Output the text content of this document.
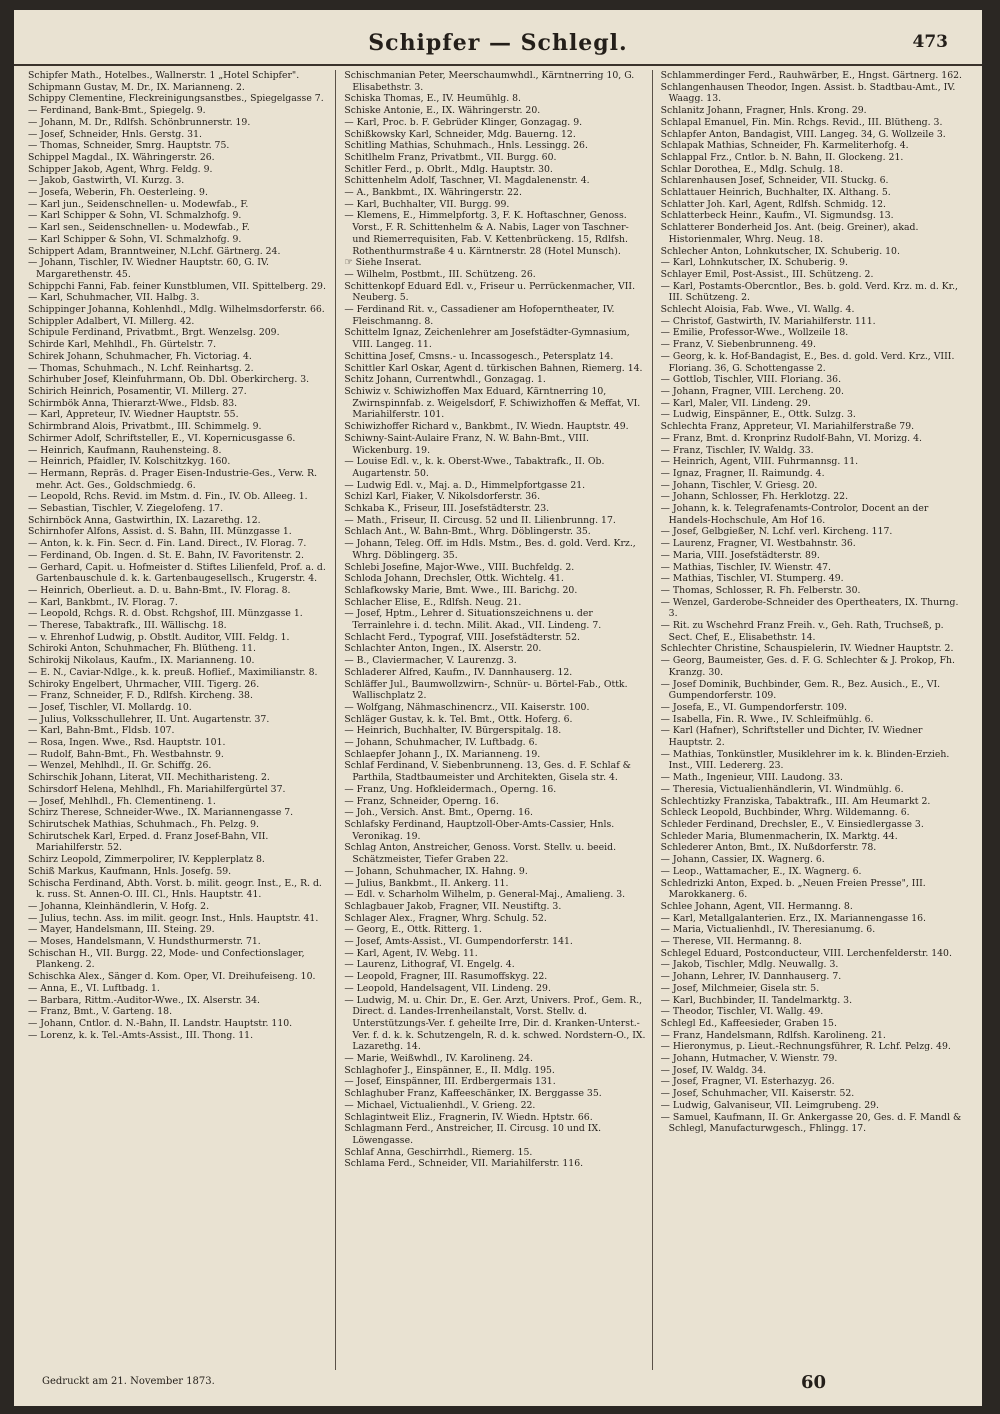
Schipfer — Schlegl.	473

Schipfer Math., Hotelbes., Wallnerstr. 1 „Hotel Schipfer".

Schipmann Gustav, M. Dr., IX. Marianneng. 2.

Schippy Clementine, Fleckreinigungsanstbes., Spiegelgasse 7.

— Ferdinand, Bank-Bmt., Spiegelg. 9.

— Johann, M. Dr., Rdlfsh. Schönbrunnerstr. 19.

— Josef, Schneider, Hnls. Gerstg. 31.

— Thomas, Schneider, Smrg. Hauptstr. 75.

Schippel Magdal., IX. Währingerstr. 26.

Schipper Jakob, Agent, Whrg. Feldg. 9.

— Jakob, Gastwirth, VI. Kurzg. 3.

— Josefa, Weberin, Fh. Oesterleing. 9.

— Karl jun., Seidenschnellen- u. Modewfab., F.

— Karl Schipper & Sohn, VI. Schmalzhofg. 9.

— Karl sen., Seidenschnellen- u. Modewfab., F.

— Karl Schipper & Sohn, VI. Schmalzhofg. 9.

Schippert Adam, Branntweiner, N.Lchf. Gärtnerg. 24.

— Johann, Tischler, IV. Wiedner Hauptstr. 60, G. IV. Margarethenstr. 45.

Schippchi Fanni, Fab. feiner Kunstblumen, VII. Spittelberg. 29.

— Karl, Schuhmacher, VII. Halbg. 3.

Schippinger Johanna, Kohlenhdl., Mdlg. Wilhelmsdorferstr. 66.

Schippler Adalbert, VI. Millerg. 42.

Schipule Ferdinand, Privatbmt., Brgt. Wenzelsg. 209.

Schirde Karl, Mehlhdl., Fh. Gürtelstr. 7.

Schirek Johann, Schuhmacher, Fh. Victoriag. 4.

— Thomas, Schuhmach., N. Lchf. Reinhartsg. 2.

Schirhuber Josef, Kleinfuhrmann, Ob. Dbl. Oberkircherg. 3.

Schirich Heinrich, Posamentir, VI. Millerg. 27.

Schirmbök Anna, Thierarzt-Wwe., Fldsb. 83.

— Karl, Appreteur, IV. Wiedner Hauptstr. 55.

Schirmbrand Alois, Privatbmt., III. Schimmelg. 9.

Schirmer Adolf, Schriftsteller, E., VI. Kopernicusgasse 6.

— Heinrich, Kaufmann, Rauhensteing. 8.

— Heinrich, Pfaidler, IV. Kolschitzkyg. 160.

— Hermann, Repräs. d. Prager Eisen-Industrie-Ges., Verw. R. mehr. Act. Ges., Goldschmiedg. 6.

— Leopold, Rchs. Revid. im Mstm. d. Fin., IV. Ob. Alleeg. 1.

— Sebastian, Tischler, V. Ziegelofeng. 17.

Schirnböck Anna, Gastwirthin, IX. Lazarethg. 12.

Schirnhofer Alfons, Assist. d. S. Bahn, III. Münzgasse 1.

— Anton, k. k. Fin. Secr. d. Fin. Land. Direct., IV. Florag. 7.

— Ferdinand, Ob. Ingen. d. St. E. Bahn, IV. Favoritenstr. 2.

— Gerhard, Capit. u. Hofmeister d. Stiftes Lilienfeld, Prof. a. d. Gartenbauschule d. k. k. Gartenbaugesellsch., Krugerstr. 4.

— Heinrich, Oberlieut. a. D. u. Bahn-Bmt., IV. Florag. 8.

— Karl, Bankbmt., IV. Florag. 7.

— Leopold, Rchgs. R. d. Obst. Rchgshof, III. Münzgasse 1.

— Therese, Tabaktrafk., III. Wällischg. 18.

— v. Ehrenhof Ludwig, p. Obstlt. Auditor, VIII. Feldg. 1.

Schiroki Anton, Schuhmacher, Fh. Blütheng. 11.

Schirokij Nikolaus, Kaufm., IX. Marianneng. 10.

— E. N., Caviar-Ndlge., k. k. preuß. Hoflief., Maximilianstr. 8.

Schiroky Engelbert, Uhrmacher, VIII. Tigerg. 26.

— Franz, Schneider, F. D., Rdlfsh. Kircheng. 38.

— Josef, Tischler, VI. Mollardg. 10.

— Julius, Volksschullehrer, II. Unt. Augartenstr. 37.

— Karl, Bahn-Bmt., Fldsb. 107.

— Rosa, Ingen. Wwe., Rsd. Hauptstr. 101.

— Rudolf, Bahn-Bmt., Fh. Westbahnstr. 9.

— Wenzel, Mehlhdl., II. Gr. Schiffg. 26.

Schirschik Johann, Literat, VII. Mechitharisteng. 2.

Schirsdorf Helena, Mehlhdl., Fh. Mariahilfergürtel 37.

— Josef, Mehlhdl., Fh. Clementineng. 1.

Schirz Therese, Schneider-Wwe., IX. Mariannengasse 7.

Schirutschek Mathias, Schuhmach., Fh. Pelzg. 9.

Schirutschek Karl, Erped. d. Franz Josef-Bahn, VII. Mariahilferstr. 52.

Schirz Leopold, Zimmerpolirer, IV. Kepplerplatz 8.

Schiß Markus, Kaufmann, Hnls. Josefg. 59.

Schischa Ferdinand, Abth. Vorst. b. milit. geogr. Inst., E., R. d. k. russ. St. Annen-O. III. Cl., Hnls. Hauptstr. 41.

— Johanna, Kleinhändlerin, V. Hofg. 2.

— Julius, techn. Ass. im milit. geogr. Inst., Hnls. Hauptstr. 41.

— Mayer, Handelsmann, III. Steing. 29.

— Moses, Handelsmann, V. Hundsthurmerstr. 71.

Schischan H., VII. Burgg. 22, Mode- und Confectionslager, Plankeng. 2.

Schischka Alex., Sänger d. Kom. Oper, VI. Dreihufeiseng. 10.

— Anna, E., VI. Luftbadg. 1.

— Barbara, Rittm.-Auditor-Wwe., IX. Alserstr. 34.

— Franz, Bmt., V. Garteng. 18.

— Johann, Cntlor. d. N.-Bahn, II. Landstr. Hauptstr. 110.

— Lorenz, k. k. Tel.-Amts-Assist., III. Thong. 11.

Schischmanian Peter, Meerschaumwhdl., Kärntnerring 10, G. Elisabethstr. 3.

Schiska Thomas, E., IV. Heumühlg. 8.

Schiske Antonie, E., IX. Währingerstr. 20.

— Karl, Proc. b. F. Gebrüder Klinger, Gonzagag. 9.

Schißkowsky Karl, Schneider, Mdg. Bauerng. 12.

Schitling Mathias, Schuhmach., Hnls. Lessingg. 26.

Schitlhelm Franz, Privatbmt., VII. Burgg. 60.

Schitler Ferd., p. Obrlt., Mdlg. Hauptstr. 30.

Schittenhelm Adolf, Taschner, VI. Magdalenenstr. 4.

— A., Bankbmt., IX. Währingerstr. 22.

— Karl, Buchhalter, VII. Burgg. 99.

— Klemens, E., Himmelpfortg. 3, F. K. Hoftaschner, Genoss. Vorst., F. R. Schittenhelm & A. Nabis, Lager von Taschner- und Riemerrequisiten, Fab. V. Kettenbrückeng. 15, Rdlfsh. Rothenthurmstraße 4 u. Kärntnerstr. 28 (Hotel Munsch).

☞ Siehe Inserat.

— Wilhelm, Postbmt., III. Schützeng. 26.

Schittenkopf Eduard Edl. v., Friseur u. Perrückenmacher, VII. Neuberg. 5.

— Ferdinand Rit. v., Cassadiener am Hofoperntheater, IV. Fleischmanng. 8.

Schittelm Ignaz, Zeichenlehrer am Josefstädter-Gymnasium, VIII. Langeg. 11.

Schittina Josef, Cmsns.- u. Incassogesch., Petersplatz 14.

Schittler Karl Oskar, Agent d. türkischen Bahnen, Riemerg. 14.

Schitz Johann, Currentwhdl., Gonzagag. 1.

Schiwiz v. Schiwizhoffen Max Eduard, Kärntnerring 10, Zwirnspinnfab. z. Weigelsdorf, F. Schiwizhoffen & Meffat, VI. Mariahilferstr. 101.

Schiwizhoffer Richard v., Bankbmt., IV. Wiedn. Hauptstr. 49.

Schiwny-Saint-Aulaire Franz, N. W. Bahn-Bmt., VIII. Wickenburg. 19.

— Louise Edl. v., k. k. Oberst-Wwe., Tabaktrafk., II. Ob. Augartenstr. 50.

— Ludwig Edl. v., Maj. a. D., Himmelpfortgasse 21.

Schizl Karl, Fiaker, V. Nikolsdorferstr. 36.

Schkaba K., Friseur, III. Josefstädterstr. 23.

— Math., Friseur, II. Circusg. 52 und II. Lilienbrunng. 17.

Schlach Ant., W. Bahn-Bmt., Whrg. Döblingerstr. 35.

— Johann, Teleg. Off. im Hdls. Mstm., Bes. d. gold. Verd. Krz., Whrg. Döblingerg. 35.

Schlebi Josefine, Major-Wwe., VIII. Buchfeldg. 2.

Schloda Johann, Drechsler, Ottk. Wichtelg. 41.

Schlafkowsky Marie, Bmt. Wwe., III. Barichg. 20.

Schlacher Elise, E., Rdlfsh. Neug. 21.

— Josef, Hptm., Lehrer d. Situationszeichnens u. der Terrainlehre i. d. techn. Milit. Akad., VII. Lindeng. 7.

Schlacht Ferd., Typograf, VIII. Josefstädterstr. 52.

Schlachter Anton, Ingen., IX. Alserstr. 20.

— B., Claviermacher, V. Laurenzg. 3.

Schladerer Alfred, Kaufm., IV. Dannhauserg. 12.

Schläffer Jul., Baumwollzwirn-, Schnür- u. Börtel-Fab., Ottk. Wallischplatz 2.

— Wolfgang, Nähmaschinencrz., VII. Kaiserstr. 100.

Schläger Gustav, k. k. Tel. Bmt., Ottk. Hoferg. 6.

— Heinrich, Buchhalter, IV. Bürgerspitalg. 18.

— Johann, Schuhmacher, IV. Luftbadg. 6.

Schlaepfer Johann J., IX. Marianneng. 19.

Schlaf Ferdinand, V. Siebenbrunneng. 13, Ges. d. F. Schlaf & Parthila, Stadtbaumeister und Architekten, Gisela str. 4.

— Franz, Ung. Hofkleidermach., Operng. 16.

— Franz, Schneider, Operng. 16.

— Joh., Versich. Anst. Bmt., Operng. 16.

Schlafsky Ferdinand, Hauptzoll-Ober-Amts-Cassier, Hnls. Veronikag. 19.

Schlag Anton, Anstreicher, Genoss. Vorst. Stellv. u. beeid. Schätzmeister, Tiefer Graben 22.

— Johann, Schuhmacher, IX. Hahng. 9.

— Julius, Bankbmt., II. Ankerg. 11.

— Edl. v. Scharholm Wilhelm, p. General-Maj., Amalieng. 3.

Schlagbauer Jakob, Fragner, VII. Neustiftg. 3.

Schlager Alex., Fragner, Whrg. Schulg. 52.

— Georg, E., Ottk. Ritterg. 1.

— Josef, Amts-Assist., VI. Gumpendorferstr. 141.

— Karl, Agent, IV. Webg. 11.

— Laurenz, Lithograf, VI. Engelg. 4.

— Leopold, Fragner, III. Rasumoffskyg. 22.

— Leopold, Handelsagent, VII. Lindeng. 29.

— Ludwig, M. u. Chir. Dr., E. Ger. Arzt, Univers. Prof., Gem. R., Direct. d. Landes-Irrenheilanstalt, Vorst. Stellv. d. Unterstützungs-Ver. f. geheilte Irre, Dir. d. Kranken-Unterst.-Ver. f. d. k. k. Schutzengeln, R. d. k. schwed. Nordstern-O., IX. Lazarethg. 14.

— Marie, Weißwhdl., IV. Karolineng. 24.

Schlaghofer J., Einspänner, E., II. Mdlg. 195.

— Josef, Einspänner, III. Erdbergermais 131.

Schlaghuber Franz, Kaffeeschänker, IX. Berggasse 35.

— Michael, Victualienhdl., V. Grieng. 22.

Schlagintweit Eliz., Fragnerin, IV. Wiedn. Hptstr. 66.

Schlagmann Ferd., Anstreicher, II. Circusg. 10 und IX. Löwengasse.

Schlaf Anna, Geschirrhdl., Riemerg. 15.

Schlama Ferd., Schneider, VII. Mariahilferstr. 116.

Schlammerdinger Ferd., Rauhwärber, E., Hngst. Gärtnerg. 162.

Schlangenhausen Theodor, Ingen. Assist. b. Stadtbau-Amt., IV. Waagg. 13.

Schlanitz Johann, Fragner, Hnls. Krong. 29.

Schlapal Emanuel, Fin. Min. Rchgs. Revid., III. Blütheng. 3.

Schlapfer Anton, Bandagist, VIII. Langeg. 34, G. Wollzeile 3.

Schlapak Mathias, Schneider, Fh. Karmeliterhofg. 4.

Schlappal Frz., Cntlor. b. N. Bahn, II. Glockeng. 21.

Schlar Dorothea, E., Mdlg. Schulg. 18.

Schlarenhausen Josef, Schneider, VII. Stuckg. 6.

Schlattauer Heinrich, Buchhalter, IX. Althang. 5.

Schlatter Joh. Karl, Agent, Rdlfsh. Schmidg. 12.

Schlatterbeck Heinr., Kaufm., VI. Sigmundsg. 13.

Schlatterer Bonderheid Jos. Ant. (beig. Greiner), akad. Historienmaler, Whrg. Neug. 18.

Schlecher Anton, Lohnkutscher, IX. Schuberig. 10.

— Karl, Lohnkutscher, IX. Schuberig. 9.

Schlayer Emil, Post-Assist., III. Schützeng. 2.

— Karl, Postamts-Obercntlor., Bes. b. gold. Verd. Krz. m. d. Kr., III. Schützeng. 2.

Schlecht Aloisia, Fab. Wwe., VI. Wallg. 4.

— Christof, Gastwirth, IV. Mariahilferstr. 111.

— Emilie, Professor-Wwe., Wollzeile 18.

— Franz, V. Siebenbrunneng. 49.

— Georg, k. k. Hof-Bandagist, E., Bes. d. gold. Verd. Krz., VIII. Floriang. 36, G. Schottengasse 2.

— Gottlob, Tischler, VIII. Floriang. 36.

— Johann, Fragner, VIII. Lercheng. 20.

— Karl, Maler, VII. Lindeng. 29.

— Ludwig, Einspänner, E., Ottk. Sulzg. 3.

Schlechta Franz, Appreteur, VI. Mariahilferstraße 79.

— Franz, Bmt. d. Kronprinz Rudolf-Bahn, VI. Morizg. 4.

— Franz, Tischler, IV. Waldg. 33.

— Heinrich, Agent, VIII. Fuhrmannsg. 11.

— Ignaz, Fragner, II. Raimundg. 4.

— Johann, Tischler, V. Griesg. 20.

— Johann, Schlosser, Fh. Herklotzg. 22.

— Johann, k. k. Telegrafenamts-Controlor, Docent an der Handels-Hochschule, Am Hof 16.

— Josef, Gelbgießer, N. Lchf. verl. Kircheng. 117.

— Laurenz, Fragner, VI. Westbahnstr. 36.

— Maria, VIII. Josefstädterstr. 89.

— Mathias, Tischler, IV. Wienstr. 47.

— Mathias, Tischler, VI. Stumperg. 49.

— Thomas, Schlosser, R. Fh. Felberstr. 30.

— Wenzel, Garderobe-Schneider des Opertheaters, IX. Thurng. 3.

— Rit. zu Wschehrd Franz Freih. v., Geh. Rath, Truchseß, p. Sect. Chef, E., Elisabethstr. 14.

Schlechter Christine, Schauspielerin, IV. Wiedner Hauptstr. 2.

— Georg, Baumeister, Ges. d. F. G. Schlechter & J. Prokop, Fh. Kranzg. 30.

— Josef Dominik, Buchbinder, Gem. R., Bez. Ausich., E., VI. Gumpendorferstr. 109.

— Josefa, E., VI. Gumpendorferstr. 109.

— Isabella, Fin. R. Wwe., IV. Schleifmühlg. 6.

— Karl (Hafner), Schriftsteller und Dichter, IV. Wiedner Hauptstr. 2.

— Mathias, Tonkünstler, Musiklehrer im k. k. Blinden-Erzieh. Inst., VIII. Ledererg. 23.

— Math., Ingenieur, VIII. Laudong. 33.

— Theresia, Victualienhändlerin, VI. Windmühlg. 6.

Schlechtizky Franziska, Tabaktrafk., III. Am Heumarkt 2.

Schleck Leopold, Buchbinder, Whrg. Wildemanng. 6.

Schleder Ferdinand, Drechsler, E., V. Einsiedlergasse 3.

Schleder Maria, Blumenmacherin, IX. Marktg. 44.

Schlederer Anton, Bmt., IX. Nußdorferstr. 78.

— Johann, Cassier, IX. Wagnerg. 6.

— Leop., Wattamacher, E., IX. Wagnerg. 6.

Schledrizki Anton, Exped. b. „Neuen Freien Presse", III. Marokkanerg. 6.

Schlee Johann, Agent, VII. Hermanng. 8.

— Karl, Metallgalanterien. Erz., IX. Mariannengasse 16.

— Maria, Victualienhdl., IV. Theresianumg. 6.

— Therese, VII. Hermanng. 8.

Schlegel Eduard, Postconducteur, VIII. Lerchenfelderstr. 140.

— Jakob, Tischler, Mdlg. Neuwallg. 3.

— Johann, Lehrer, IV. Dannhauserg. 7.

— Josef, Milchmeier, Gisela str. 5.

— Karl, Buchbinder, II. Tandelmarktg. 3.

— Theodor, Tischler, VI. Wallg. 49.

Schlegl Ed., Kaffeesieder, Graben 15.

— Franz, Handelsmann, Rdlfsh. Karolineng. 21.

— Hieronymus, p. Lieut.-Rechnungsführer, R. Lchf. Pelzg. 49.

— Johann, Hutmacher, V. Wienstr. 79.

— Josef, IV. Waldg. 34.

— Josef, Fragner, VI. Esterhazyg. 26.

— Josef, Schuhmacher, VII. Kaiserstr. 52.

— Ludwig, Galvaniseur, VII. Leimgrubeng. 29.

— Samuel, Kaufmann, II. Gr. Ankergasse 20, Ges. d. F. Mandl & Schlegl, Manufacturwgesch., Fhlingg. 17.

Gedruckt am 21. November 1873.	60
